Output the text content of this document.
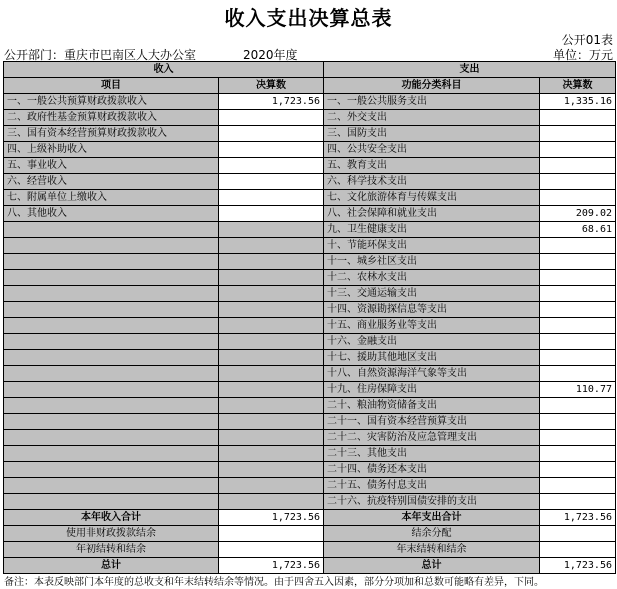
收入支出决算总表
公开01表
公开部门：重庆市巴南区人大办公室	2020年度	单位：万元
收入		支出	
项目	决算数	功能分类科目	决算数
一、一般公共预算财政拨款收入	1,723.56	一、一般公共服务支出	1,335.16
二、政府性基金预算财政拨款收入		二、外交支出	
三、国有资本经营预算财政拨款收入		三、国防支出	
四、上级补助收入		四、公共安全支出	
五、事业收入		五、教育支出	
六、经营收入		六、科学技术支出	
七、附属单位上缴收入		七、文化旅游体育与传媒支出	
八、其他收入		八、社会保障和就业支出	209.02
		九、卫生健康支出	68.61
		十、节能环保支出	
		十一、城乡社区支出	
		十二、农林水支出	
		十三、交通运输支出	
		十四、资源勘探信息等支出	
		十五、商业服务业等支出	
		十六、金融支出	
		十七、援助其他地区支出	
		十八、自然资源海洋气象等支出	
		十九、住房保障支出	110.77
		二十、粮油物资储备支出	
		二十一、国有资本经营预算支出	
		二十二、灾害防治及应急管理支出	
		二十三、其他支出	
		二十四、债务还本支出	
		二十五、债务付息支出	
		二十六、抗疫特别国债安排的支出	
本年收入合计	1,723.56	本年支出合计	1,723.56
使用非财政拨款结余		结余分配	
年初结转和结余		年末结转和结余	
总计	1,723.56	总计	1,723.56
备注：本表反映部门本年度的总收支和年末结转结余等情况。由于四舍五入因素，部分分项加和总数可能略有差异，下同。
